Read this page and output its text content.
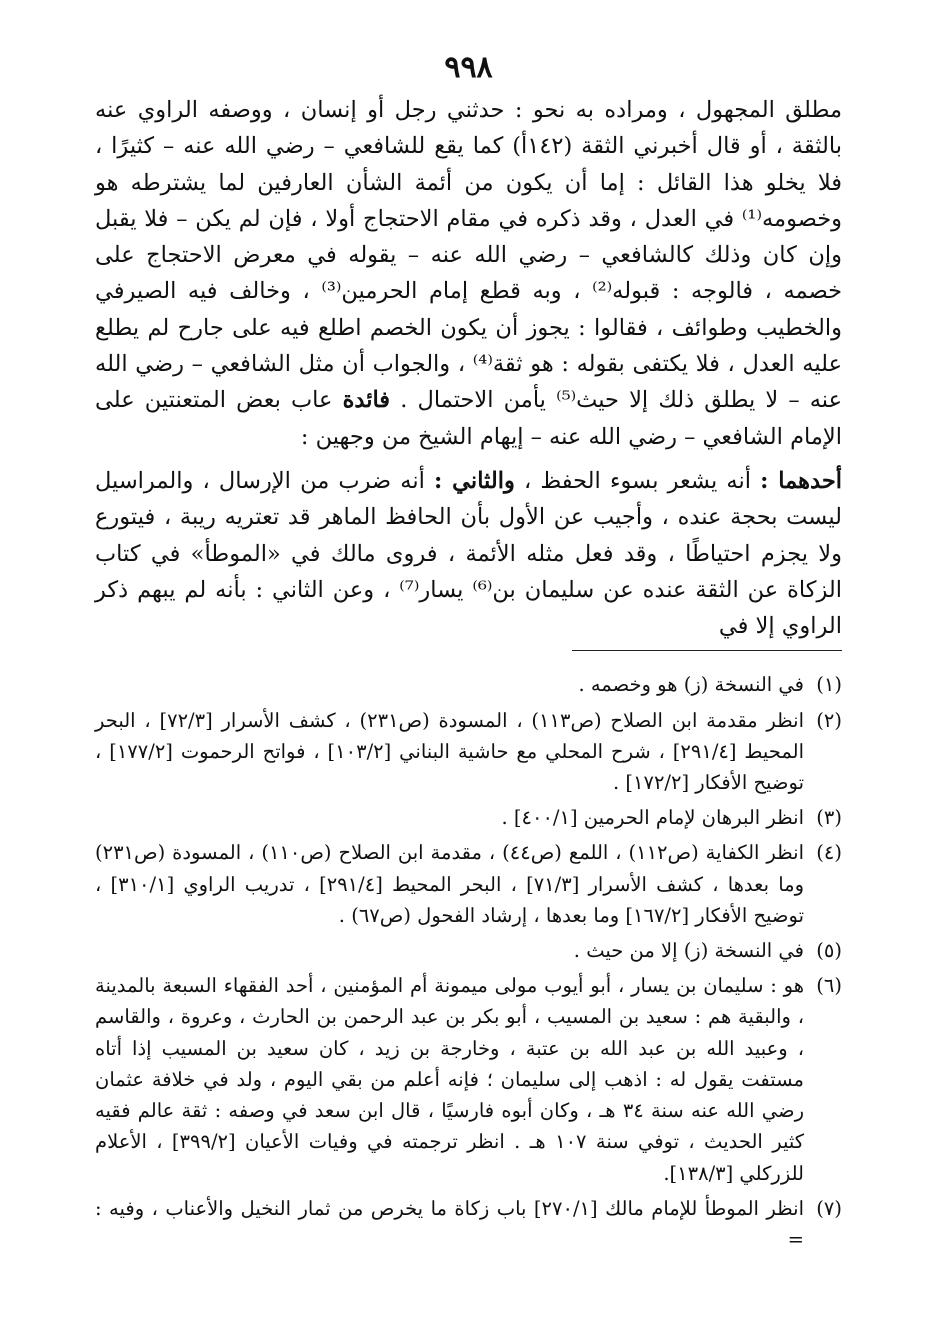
٩٩٨

مطلق المجهول ، ومراده به نحو : حدثني رجل أو إنسان ، ووصفه الراوي عنه بالثقة ، أو قال أخبرني الثقة (١٤٢أ) كما يقع للشافعي – رضي الله عنه – كثيرًا ، فلا يخلو هذا القائل : إما أن يكون من أئمة الشأن العارفين لما يشترطه هو وخصومه⁽¹⁾ في العدل ، وقد ذكره في مقام الاحتجاج أولا ، فإن لم يكن – فلا يقبل وإن كان وذلك كالشافعي – رضي الله عنه – يقوله في معرض الاحتجاج على خصمه ، فالوجه : قبوله⁽²⁾ ، وبه قطع إمام الحرمين⁽³⁾ ، وخالف فيه الصيرفي والخطيب وطوائف ، فقالوا : يجوز أن يكون الخصم اطلع فيه على جارح لم يطلع عليه العدل ، فلا يكتفى بقوله : هو ثقة⁽⁴⁾ ، والجواب أن مثل الشافعي – رضي الله عنه – لا يطلق ذلك إلا حيث⁽⁵⁾ يأمن الاحتمال . فائدة عاب بعض المتعنتين على الإمام الشافعي – رضي الله عنه – إيهام الشيخ من وجهين :

أحدهما : أنه يشعر بسوء الحفظ ، والثاني : أنه ضرب من الإرسال ، والمراسيل ليست بحجة عنده ، وأجيب عن الأول بأن الحافظ الماهر قد تعتريه ريبة ، فيتورع ولا يجزم احتياطًا ، وقد فعل مثله الأئمة ، فروى مالك في «الموطأ» في كتاب الزكاة عن الثقة عنده عن سليمان بن⁽⁶⁾ يسار⁽⁷⁾ ، وعن الثاني : بأنه لم يبهم ذكر الراوي إلا في

(١)
في النسخة (ز) هو وخصمه .
(٢)
انظر مقدمة ابن الصلاح (ص١١٣) ، المسودة (ص٢٣١) ، كشف الأسرار [٧٢/٣] ، البحر المحيط [٢٩١/٤] ، شرح المحلي مع حاشية البناني [١٠٣/٢] ، فواتح الرحموت [١٧٧/٢] ، توضيح الأفكار [١٧٢/٢] .
(٣)
انظر البرهان لإمام الحرمين [٤٠٠/١] .
(٤)
انظر الكفاية (ص١١٢) ، اللمع (ص٤٤) ، مقدمة ابن الصلاح (ص١١٠) ، المسودة (ص٢٣١) وما بعدها ، كشف الأسرار [٧١/٣] ، البحر المحيط [٢٩١/٤] ، تدريب الراوي [٣١٠/١] ، توضيح الأفكار [١٦٧/٢] وما بعدها ، إرشاد الفحول (ص٦٧) .
(٥)
في النسخة (ز) إلا من حيث .
(٦)
هو : سليمان بن يسار ، أبو أيوب مولى ميمونة أم المؤمنين ، أحد الفقهاء السبعة بالمدينة ، والبقية هم : سعيد بن المسيب ، أبو بكر بن عبد الرحمن بن الحارث ، وعروة ، والقاسم ، وعبيد الله بن عبد الله بن عتبة ، وخارجة بن زيد ، كان سعيد بن المسيب إذا أتاه مستفت يقول له : اذهب إلى سليمان ؛ فإنه أعلم من بقي اليوم ، ولد في خلافة عثمان رضي الله عنه سنة ٣٤ هـ ، وكان أبوه فارسيًا ، قال ابن سعد في وصفه : ثقة عالم فقيه كثير الحديث ، توفي سنة ١٠٧ هـ . انظر ترجمته في وفيات الأعيان [٣٩٩/٢] ، الأعلام للزركلي [١٣٨/٣].
(٧)
انظر الموطأ للإمام مالك [٢٧٠/١] باب زكاة ما يخرص من ثمار النخيل والأعناب ، وفيه : =
